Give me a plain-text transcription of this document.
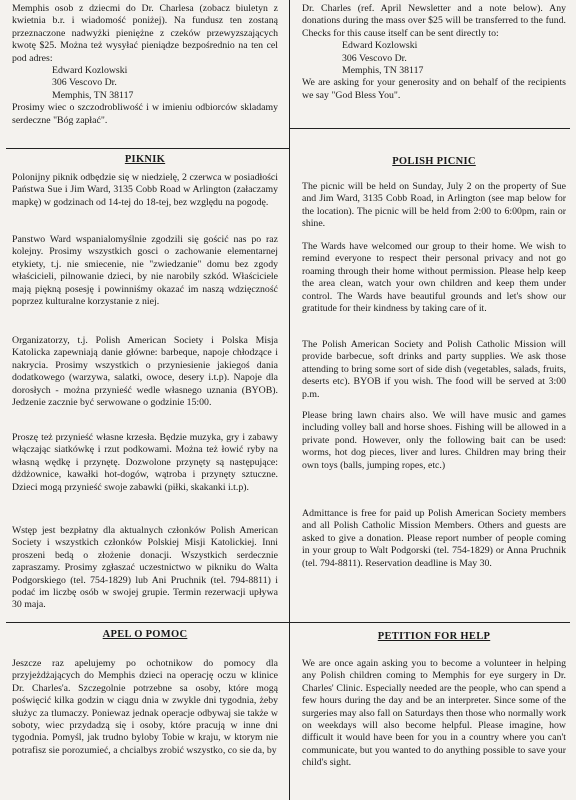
Memphis osob z dziecmi do Dr. Charlesa (zobacz biuletyn z kwietnia b.r. i wiadomość poniżej). Na fundusz ten zostaną przeznaczone nadwyżki pieniężne z czeków przewyzszających kwotę $25. Można też wysyłać pieniądze bezpośrednio na ten cel pod adres:

Edward Kozlowski
306 Vescovo Dr.
Memphis, TN 38117

Prosimy wiec o szczodrobliwość i w imieniu odbiorców skladamy serdeczne "Bóg zapłać".

PIKNIK

Polonijny piknik odbędzie się w niedzielę, 2 czerwca w posiadłości Państwa Sue i Jim Ward, 3135 Cobb Road w Arlington (załaczamy mapkę) w godzinach od 14-tej do 18-tej, bez względu na pogodę.

Panstwo Ward wspanialomyślnie zgodzili się gościć nas po raz kolejny. Prosimy wszystkich gosci o zachowanie elementarnej etykiety, t.j. nie smiecenie, nie "zwiedzanie" domu bez zgody właścicieli, pilnowanie dzieci, by nie narobily szkód. Właściciele mają piękną posesję i powinniśmy okazać im naszą wdzięczność poprzez kulturalne korzystanie z niej.

Organizatorzy, t.j. Polish American Society i Polska Misja Katolicka zapewniają danie główne: barbeque, napoje chłodzące i nakrycia. Prosimy wszystkich o przyniesienie jakiegoś dania dodatkowego (warzywa, salatki, owoce, desery i.t.p). Napoje dla dorosłych - można przynieść wedle własnego uznania (BYOB). Jedzenie zacznie być serwowane o godzinie 15:00.

Proszę też przynieść własne krzesła. Będzie muzyka, gry i zabawy włączając siatkówkę i rzut podkowami. Można też łowić ryby na własną wędkę i przynętę. Dozwolone przynęty są następujące: dżdżownice, kawałki hot-dogów, wątroba i przynęty sztuczne. Dzieci mogą przynieść swoje zabawki (piłki, skakanki i.t.p).

Wstęp jest bezpłatny dla aktualnych członków Polish American Society i wszystkich członków Polskiej Misji Katolickiej. Inni proszeni bedą o złożenie donacji. Wszystkich serdecznie zapraszamy. Prosimy zgłaszać uczestnictwo w pikniku do Walta Podgorskiego (tel. 754-1829) lub Ani Pruchnik (tel. 794-8811) i podać im liczbę osób w swojej grupie. Termin rezerwacji upływa 30 maja.

APEL O POMOC

Jeszcze raz apelujemy po ochotnikow do pomocy dla przyjeżdżających do Memphis dzieci na operację oczu w klinice Dr. Charles'a. Szczegolnie potrzebne sa osoby, które mogą poświęcić kilka godzin w ciągu dnia w zwykle dni tygodnia, żeby służyc za tlumaczy. Poniewaz jednak operacje odbywaj sie także w soboty, wiec przydadzą się i osoby, które pracują w inne dni tygodnia. Pomyśl, jak trudno byloby Tobie w kraju, w ktorym nie potrafisz sie porozumieć, a chcialbys zrobić wszystko, co sie da, by

Dr. Charles (ref. April Newsletter and a note below). Any donations during the mass over $25 will be transferred to the fund. Checks for this cause itself can be sent directly to:

Edward Kozlowski
306 Vescovo Dr.
Memphis, TN 38117

We are asking for your generosity and on behalf of the recipients we say "God Bless You".

POLISH PICNIC

The picnic will be held on Sunday, July 2 on the property of Sue and Jim Ward, 3135 Cobb Road, in Arlington (see map below for the location). The picnic will be held from 2:00 to 6:00pm, rain or shine.

The Wards have welcomed our group to their home. We wish to remind everyone to respect their personal privacy and not go roaming through their home without permission. Please help keep the area clean, watch your own children and keep them under control. The Wards have beautiful grounds and let's show our gratitude for their kindness by taking care of it.

The Polish American Society and Polish Catholic Mission will provide barbecue, soft drinks and party supplies. We ask those attending to bring some sort of side dish (vegetables, salads, fruits, deserts etc). BYOB if you wish. The food will be served at 3:00 p.m.

Please bring lawn chairs also. We will have music and games including volley ball and horse shoes. Fishing will be allowed in a private pond. However, only the following bait can be used: worms, hot dog pieces, liver and lures. Children may bring their own toys (balls, jumping ropes, etc.)

Admittance is free for paid up Polish American Society members and all Polish Catholic Mission Members. Others and guests are asked to give a donation. Please report number of people coming in your group to Walt Podgorski (tel. 754-1829) or Anna Pruchnik (tel. 794-8811). Reservation deadline is May 30.

PETITION FOR HELP

We are once again asking you to become a volunteer in helping any Polish children coming to Memphis for eye surgery in Dr. Charles' Clinic. Especially needed are the people, who can spend a few hours during the day and be an interpreter. Since some of the surgeries may also fall on Saturdays then those who normally work on weekdays will also become helpful. Please imagine, how difficult it would have been for you in a country where you can't communicate, but you wanted to do anything possible to save your child's sight.
